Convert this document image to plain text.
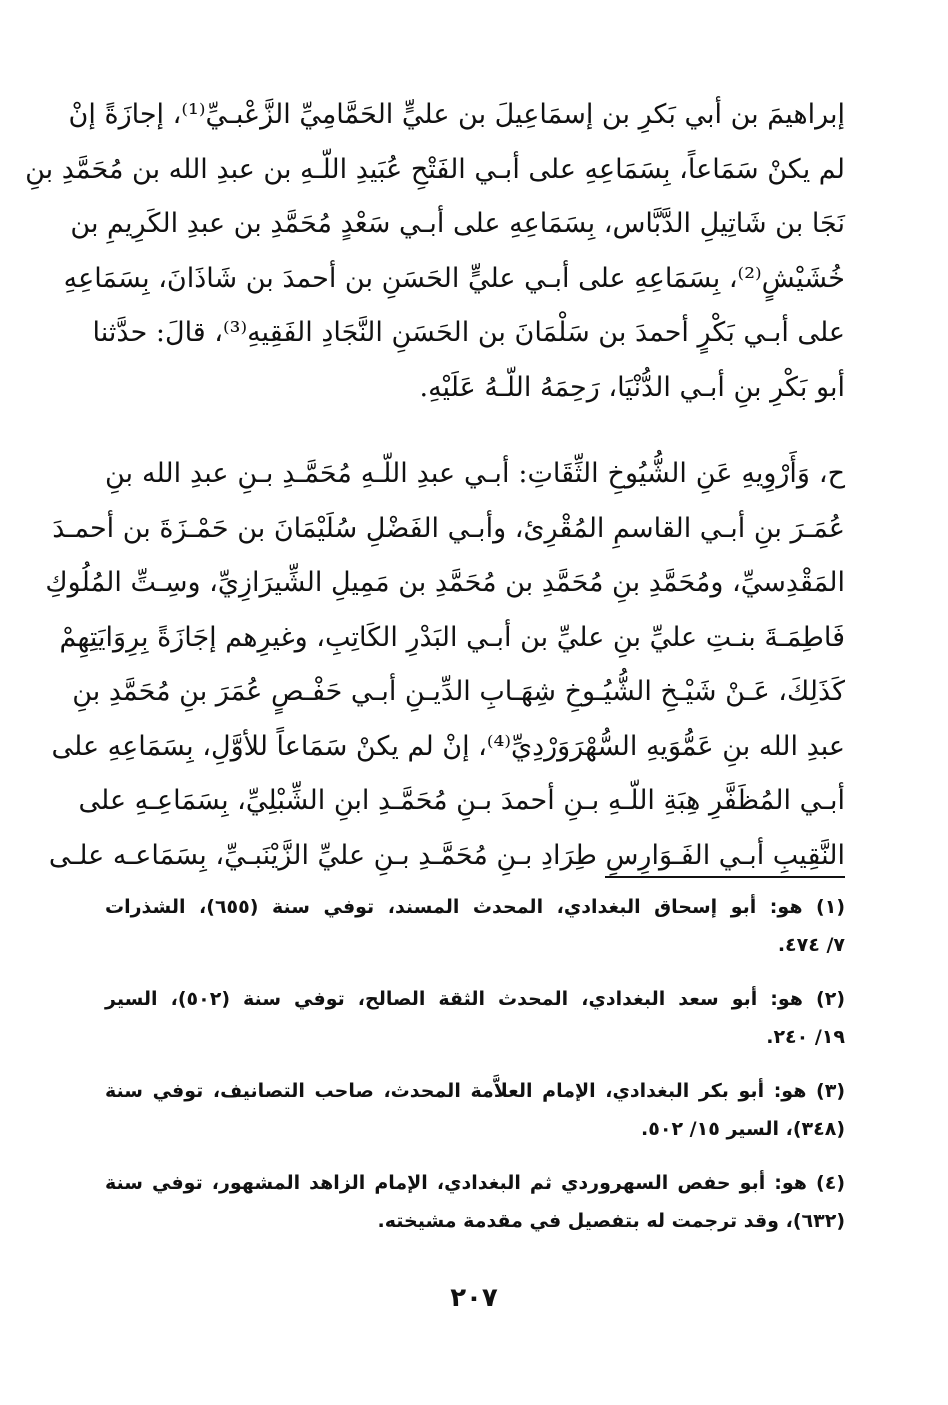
إبراهيمَ بن أبي بَكرِ بن إسمَاعِيلَ بن عليٍّ الحَمَّامِيِّ الزَّعْبـيِّ⁽¹⁾، إجازَةً إنْ
لم يكنْ سَمَاعاً، بِسَمَاعِهِ على أبـي الفَتْحِ عُبَيدِ اللّـهِ بن عبدِ الله بن مُحَمَّدِ بنِ
نَجَا بن شَاتِيلِ الدَّبَّاس، بِسَمَاعِهِ على أبـي سَعْدٍ مُحَمَّدِ بن عبدِ الكَرِيمِ بن
خُشَيْشٍ⁽²⁾، بِسَمَاعِهِ على أبـي عليٍّ الحَسَنِ بن أحمدَ بن شَاذَانَ، بِسَمَاعِهِ
على أبـي بَكْرٍ أحمدَ بن سَلْمَانَ بن الحَسَنِ النَّجَادِ الفَقِيهِ⁽³⁾، قالَ: حدَّثنا
أبو بَكْرِ بنِ أبـي الدُّنْيَا، رَحِمَهُ اللّـهُ عَلَيْهِ.
ح، وَأَرْوِيهِ عَنِ الشُّيُوخِ الثِّقَاتِ: أبـي عبدِ اللّـهِ مُحَمَّـدِ بـنِ عبدِ الله بنِ
عُمَـرَ بنِ أبـي القاسمِ المُقْرِئ، وأبـي الفَضْلِ سُلَيْمَانَ بن حَمْـزَةَ بن أحمـدَ
المَقْدِسيِّ، ومُحَمَّدِ بنِ مُحَمَّدِ بن مُحَمَّدِ بن مَمِيلِ الشِّيرَازِيِّ، وسِـتِّ المُلُوكِ
فَاطِمَـةَ بنـتِ عليِّ بنِ عليِّ بن أبـي البَدْرِ الكَاتِبِ، وغيرِهم إجَازَةً بِرِوَايَتِهِمْ
كَذَلِكَ، عَـنْ شَيْـخِ الشُّيُـوخِ شِهَـابِ الدِّيـنِ أبـي حَفْـصٍ عُمَرَ بنِ مُحَمَّدِ بنِ
عبدِ الله بنِ عَمُّوَيهِ السُّهْرَوَرْدِيِّ⁽⁴⁾، إنْ لم يكنْ سَمَاعاً للأوَّلِ، بِسَمَاعِهِ على
أبـي المُظَفَّرِ هِبَةِ اللّـهِ بـنِ أحمدَ بـنِ مُحَمَّـدِ ابنِ الشِّبْلِيِّ، بِسَمَاعِـهِ على
النَّقِيبِ أبـي الفَـوَارِسِ طِرَادِ بـنِ مُحَمَّـدِ بـنِ عليِّ الزَّيْنَبـيِّ، بِسَمَاعـه علـى
(١) هو: أبو إسحاق البغدادي، المحدث المسند، توفي سنة (٦٥٥)، الشذرات
٧/ ٤٧٤.
(٢) هو: أبو سعد البغدادي، المحدث الثقة الصالح، توفي سنة (٥٠٢)، السير
١٩/ ٢٤٠.
(٣) هو: أبو بكر البغدادي، الإمام العلاَّمة المحدث، صاحب التصانيف، توفي سنة
(٣٤٨)، السير ١٥/ ٥٠٢.
(٤) هو: أبو حفص السهروردي ثم البغدادي، الإمام الزاهد المشهور، توفي سنة
(٦٣٢)، وقد ترجمت له بتفصيل في مقدمة مشيخته.
٢٠٧
